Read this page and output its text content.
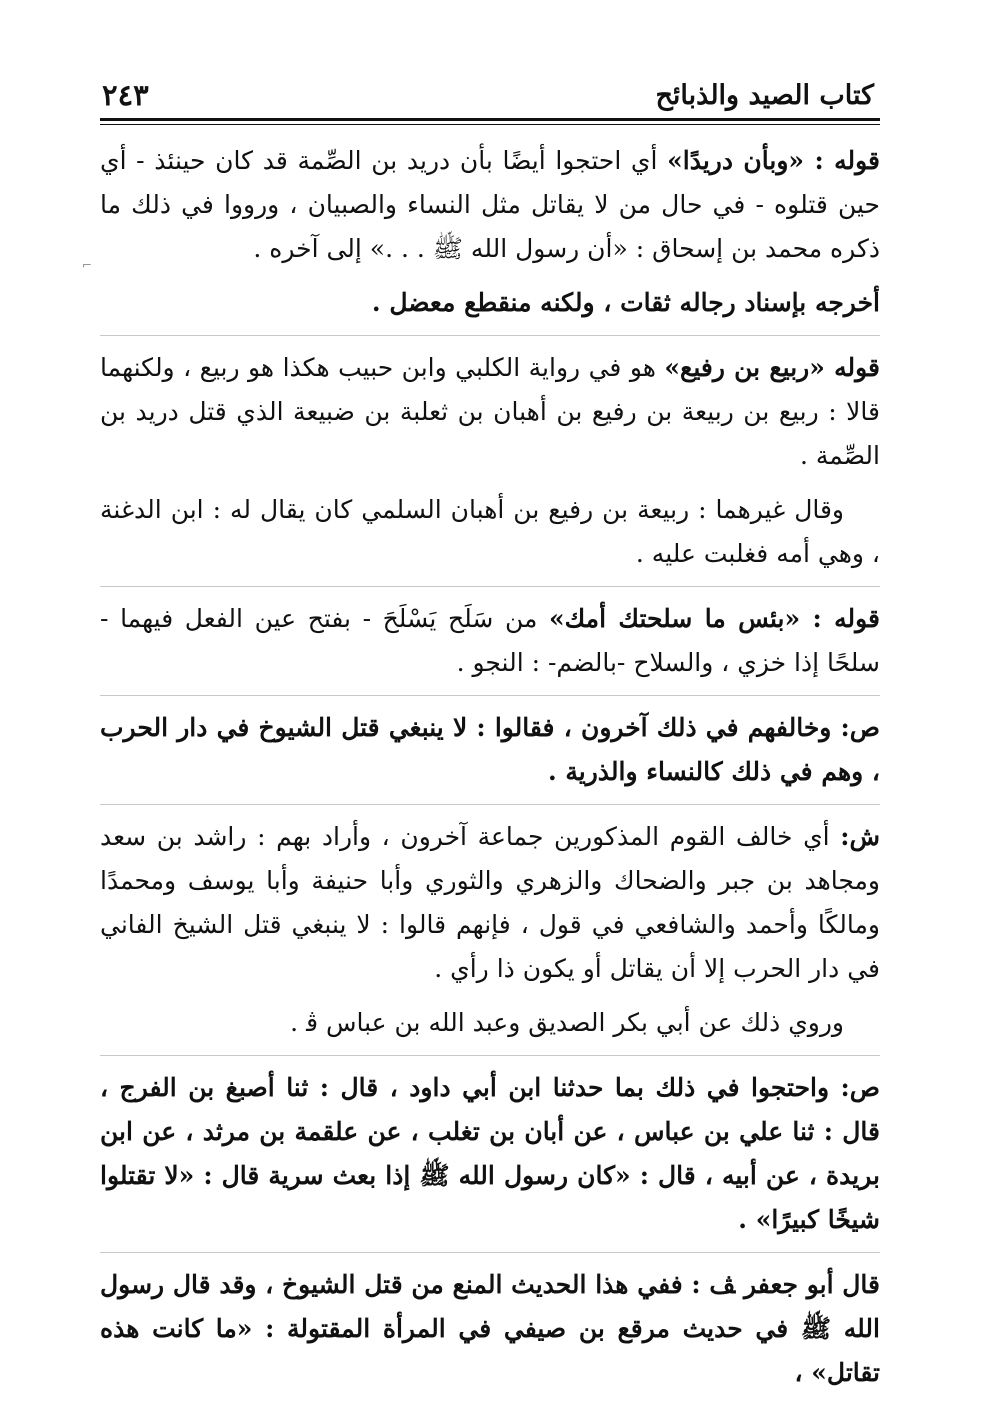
كتاب الصيد والذبائح
٢٤٣

قوله : «وبأن دريدًا» أي احتجوا أيضًا بأن دريد بن الصِّمة قد كان حينئذ - أي حين قتلوه - في حال من لا يقاتل مثل النساء والصبيان ، ورووا في ذلك ما ذكره محمد بن إسحاق : «أن رسول الله ﷺ . . .» إلى آخره .

أخرجه بإسناد رجاله ثقات ، ولكنه منقطع معضل .

قوله «ربيع بن رفيع» هو في رواية الكلبي وابن حبيب هكذا هو ربيع ، ولكنهما قالا : ربيع بن ربيعة بن رفيع بن أهبان بن ثعلبة بن ضبيعة الذي قتل دريد بن الصِّمة .

وقال غيرهما : ربيعة بن رفيع بن أهبان السلمي كان يقال له : ابن الدغنة ، وهي أمه فغلبت عليه .

قوله : «بئس ما سلحتك أمك» من سَلَح يَسْلَحَ - بفتح عين الفعل فيهما - سلحًا إذا خزي ، والسلاح -بالضم- : النجو .

ص: وخالفهم في ذلك آخرون ، فقالوا : لا ينبغي قتل الشيوخ في دار الحرب ، وهم في ذلك كالنساء والذرية .

ش: أي خالف القوم المذكورين جماعة آخرون ، وأراد بهم : راشد بن سعد ومجاهد بن جبر والضحاك والزهري والثوري وأبا حنيفة وأبا يوسف ومحمدًا ومالكًا وأحمد والشافعي في قول ، فإنهم قالوا : لا ينبغي قتل الشيخ الفاني في دار الحرب إلا أن يقاتل أو يكون ذا رأي .

وروي ذلك عن أبي بكر الصديق وعبد الله بن عباس ﭬ .

ص: واحتجوا في ذلك بما حدثنا ابن أبي داود ، قال : ثنا أصبغ بن الفرج ، قال : ثنا علي بن عباس ، عن أبان بن تغلب ، عن علقمة بن مرثد ، عن ابن بريدة ، عن أبيه ، قال : «كان رسول الله ﷺ إذا بعث سرية قال : «لا تقتلوا شيخًا كبيرًا» .

قال أبو جعفر ﭫ : ففي هذا الحديث المنع من قتل الشيوخ ، وقد قال رسول الله ﷺ في حديث مرقع بن صيفي في المرأة المقتولة : «ما كانت هذه تقاتل» ،

⌐
